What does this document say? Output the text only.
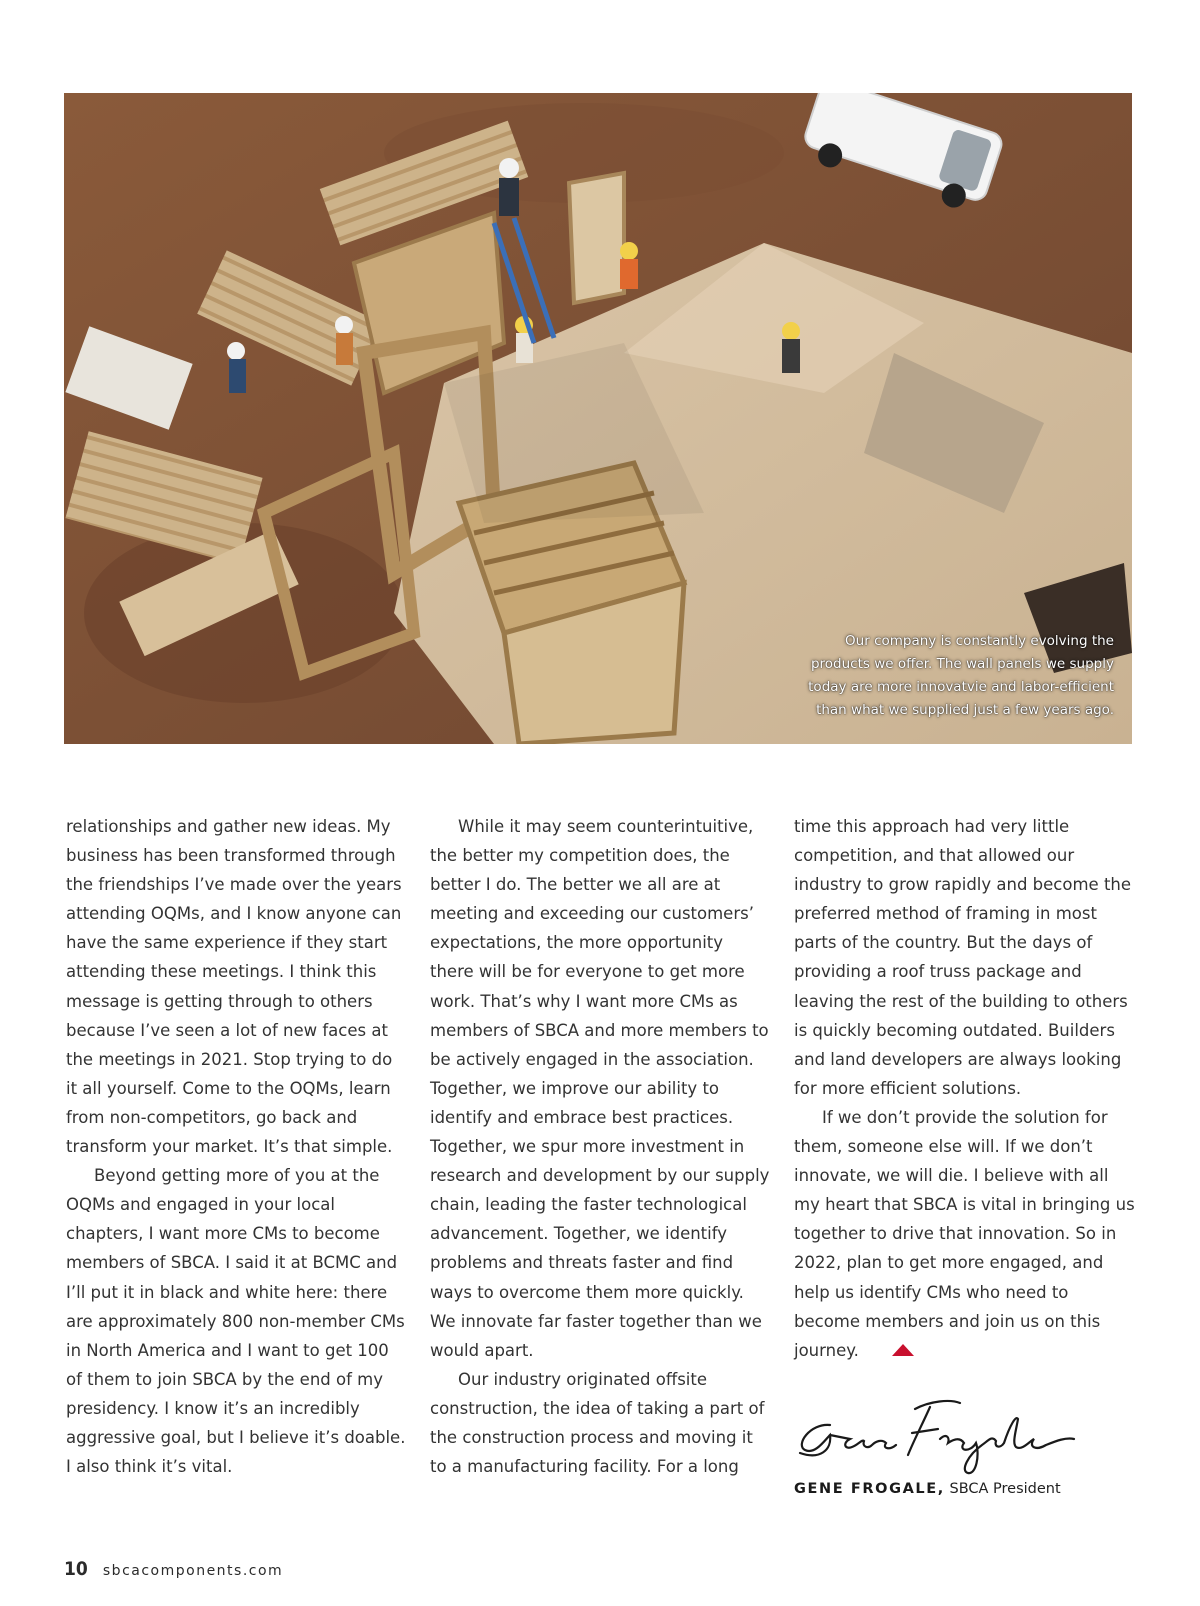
Our company is constantly evolving the products we offer. The wall panels we supply today are more innovatvie and labor-efficient than what we supplied just a few years ago.

relationships and gather new ideas. My business has been transformed through the friendships I’ve made over the years attending OQMs, and I know anyone can have the same experience if they start attending these meetings. I think this message is getting through to others because I’ve seen a lot of new faces at the meetings in 2021. Stop trying to do it all yourself. Come to the OQMs, learn from non-competitors, go back and transform your market. It’s that simple.

Beyond getting more of you at the OQMs and engaged in your local chapters, I want more CMs to become members of SBCA. I said it at BCMC and I’ll put it in black and white here: there are approximately 800 non-member CMs in North America and I want to get 100 of them to join SBCA by the end of my presidency. I know it’s an incredibly aggressive goal, but I believe it’s doable. I also think it’s vital.

While it may seem counterintuitive, the better my competition does, the better I do. The better we all are at meeting and exceeding our customers’ expectations, the more opportunity there will be for everyone to get more work. That’s why I want more CMs as members of SBCA and more members to be actively engaged in the association. Together, we improve our ability to identify and embrace best practices. Together, we spur more investment in research and development by our supply chain, leading the faster technological advancement. Together, we identify problems and threats faster and find ways to overcome them more quickly. We innovate far faster together than we would apart.

Our industry originated offsite construction, the idea of taking a part of the construction process and moving it to a manufacturing facility. For a long

time this approach had very little competition, and that allowed our industry to grow rapidly and become the preferred method of framing in most parts of the country. But the days of providing a roof truss package and leaving the rest of the building to others is quickly becoming outdated. Builders and land developers are always looking for more efficient solutions.

If we don’t provide the solution for them, someone else will. If we don’t innovate, we will die. I believe with all my heart that SBCA is vital in bringing us together to drive that innovation. So in 2022, plan to get more engaged, and help us identify CMs who need to become members and join us on this journey.

Gene Frogale
GENE FROGALE, SBCA President
10 sbcacomponents.com
